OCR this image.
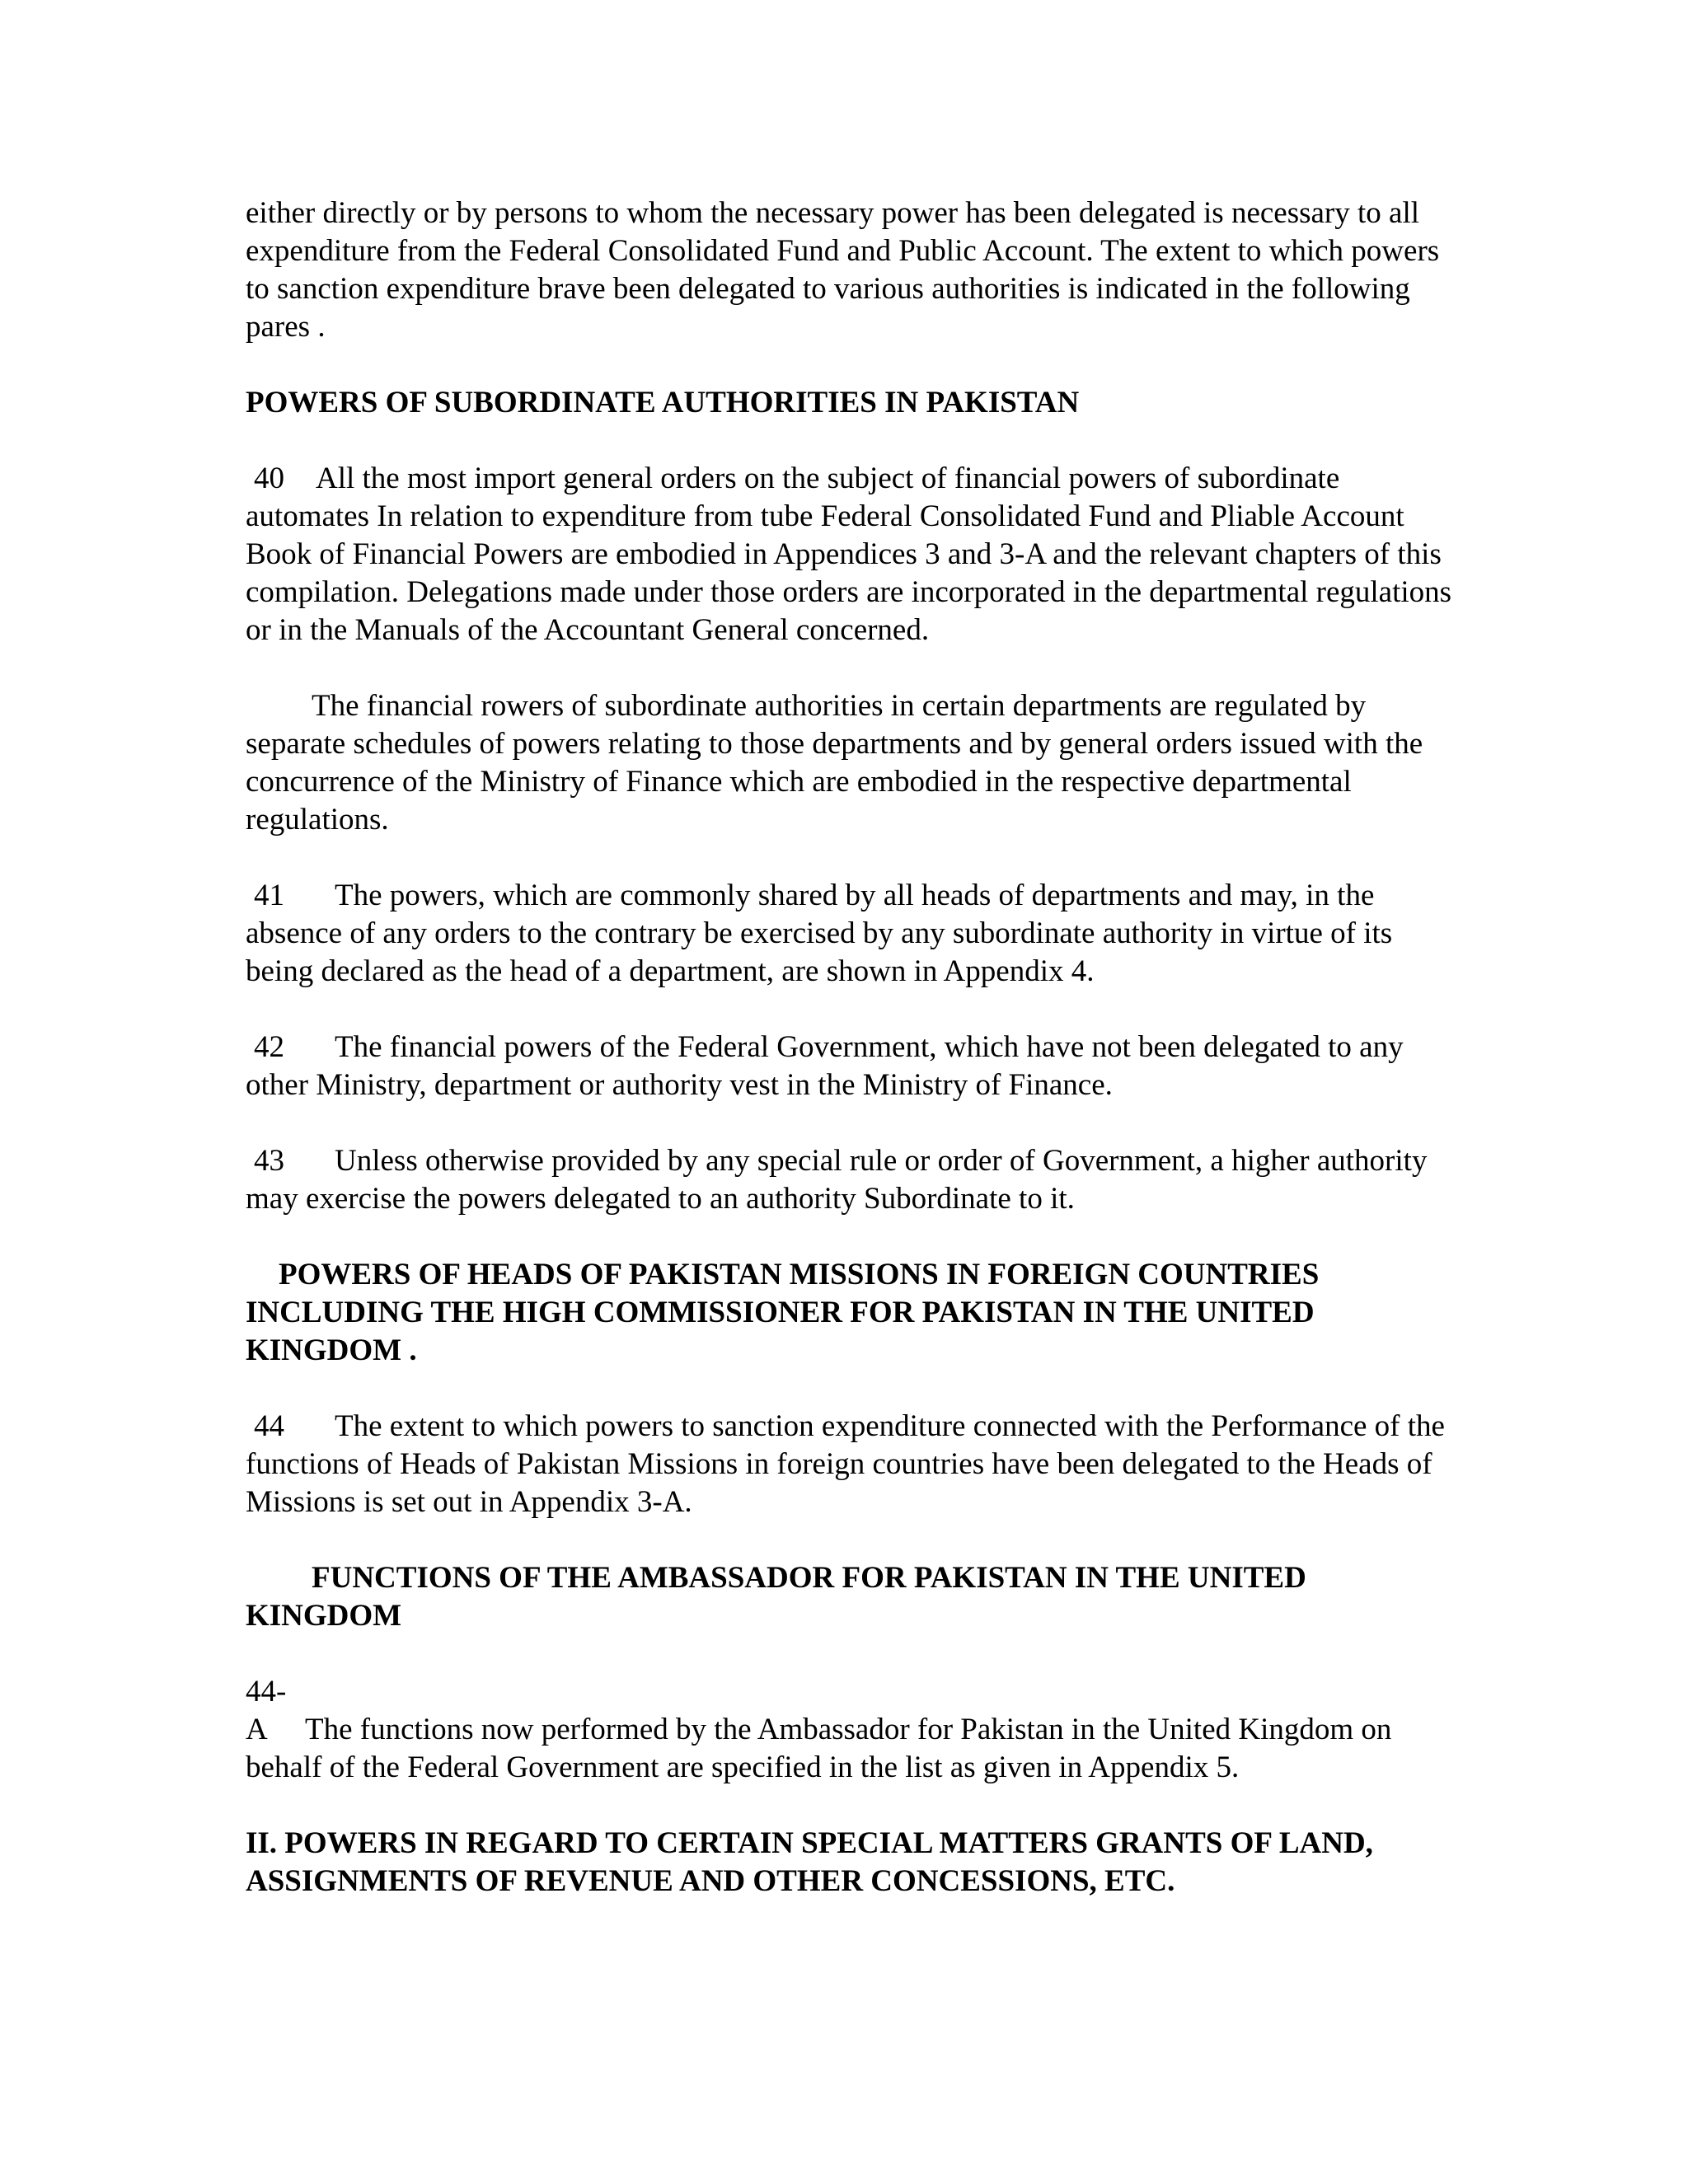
either directly or by persons to whom the necessary power has been delegated is necessary to all expenditure from the Federal Consolidated Fund and Public Account. The extent to which powers to sanction expenditure brave been delegated to various authorities is indicated in the following pares .

POWERS OF SUBORDINATE AUTHORITIES IN PAKISTAN

40 All the most import general orders on the subject of financial powers of subordinate automates In relation to expenditure from tube Federal Consolidated Fund and Pliable Account Book of Financial Powers are embodied in Appendices 3 and 3-A and the relevant chapters of this compilation. Delegations made under those orders are incorporated in the departmental regulations or in the Manuals of the Accountant General concerned.

The financial rowers of subordinate authorities in certain departments are regulated by separate schedules of powers relating to those departments and by general orders issued with the concurrence of the Ministry of Finance which are embodied in the respective departmental regulations.

41 The powers, which are commonly shared by all heads of departments and may, in the absence of any orders to the contrary be exercised by any subordinate authority in virtue of its being declared as the head of a department, are shown in Appendix 4.

42 The financial powers of the Federal Government, which have not been delegated to any other Ministry, department or authority vest in the Ministry of Finance.

43 Unless otherwise provided by any special rule or order of Government, a higher authority may exercise the powers delegated to an authority Subordinate to it.

POWERS OF HEADS OF PAKISTAN MISSIONS IN FOREIGN COUNTRIES INCLUDING THE HIGH COMMISSIONER FOR PAKISTAN IN THE UNITED KINGDOM .

44 The extent to which powers to sanction expenditure connected with the Performance of the functions of Heads of Pakistan Missions in foreign countries have been delegated to the Heads of Missions is set out in Appendix 3-A.

FUNCTIONS OF THE AMBASSADOR FOR PAKISTAN IN THE UNITED KINGDOM

44-A The functions now performed by the Ambassador for Pakistan in the United Kingdom on behalf of the Federal Government are specified in the list as given in Appendix 5.

II. POWERS IN REGARD TO CERTAIN SPECIAL MATTERS GRANTS OF LAND, ASSIGNMENTS OF REVENUE AND OTHER CONCESSIONS, ETC.
